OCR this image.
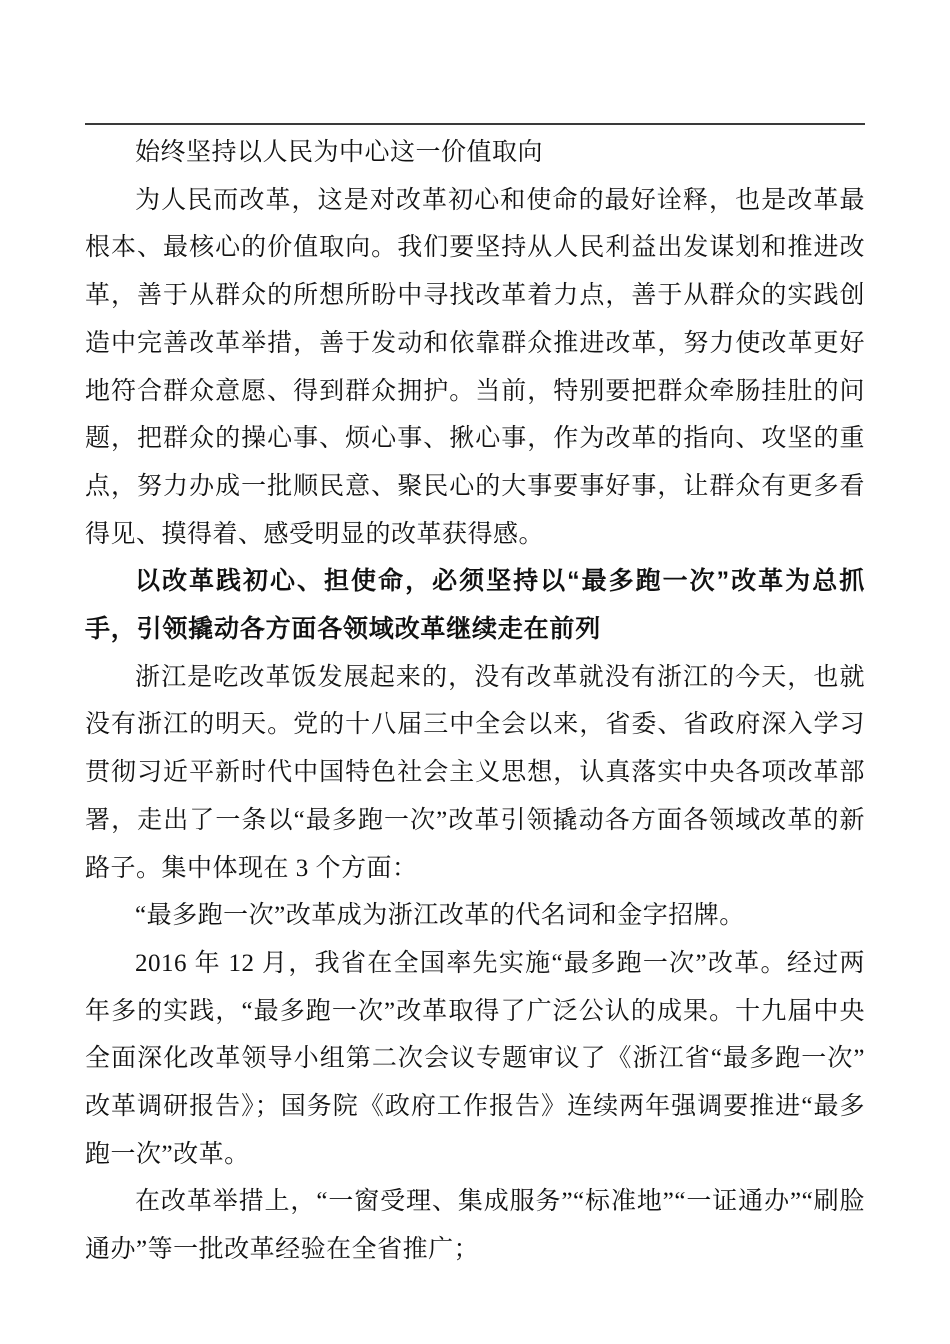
始终坚持以人民为中心这一价值取向

为人民而改革，这是对改革初心和使命的最好诠释，也是改革最根本、最核心的价值取向。我们要坚持从人民利益出发谋划和推进改革，善于从群众的所想所盼中寻找改革着力点，善于从群众的实践创造中完善改革举措，善于发动和依靠群众推进改革，努力使改革更好地符合群众意愿、得到群众拥护。当前，特别要把群众牵肠挂肚的问题，把群众的操心事、烦心事、揪心事，作为改革的指向、攻坚的重点，努力办成一批顺民意、聚民心的大事要事好事，让群众有更多看得见、摸得着、感受明显的改革获得感。

以改革践初心、担使命，必须坚持以“最多跑一次”改革为总抓手，引领撬动各方面各领域改革继续走在前列

浙江是吃改革饭发展起来的，没有改革就没有浙江的今天，也就没有浙江的明天。党的十八届三中全会以来，省委、省政府深入学习贯彻习近平新时代中国特色社会主义思想，认真落实中央各项改革部署，走出了一条以“最多跑一次”改革引领撬动各方面各领域改革的新路子。集中体现在 3 个方面：

“最多跑一次”改革成为浙江改革的代名词和金字招牌。

2016 年 12 月，我省在全国率先实施“最多跑一次”改革。经过两年多的实践，“最多跑一次”改革取得了广泛公认的成果。十九届中央全面深化改革领导小组第二次会议专题审议了《浙江省“最多跑一次”改革调研报告》；国务院《政府工作报告》连续两年强调要推进“最多跑一次”改革。

在改革举措上，“一窗受理、集成服务”“标准地”“一证通办”“刷脸通办”等一批改革经验在全省推广；
